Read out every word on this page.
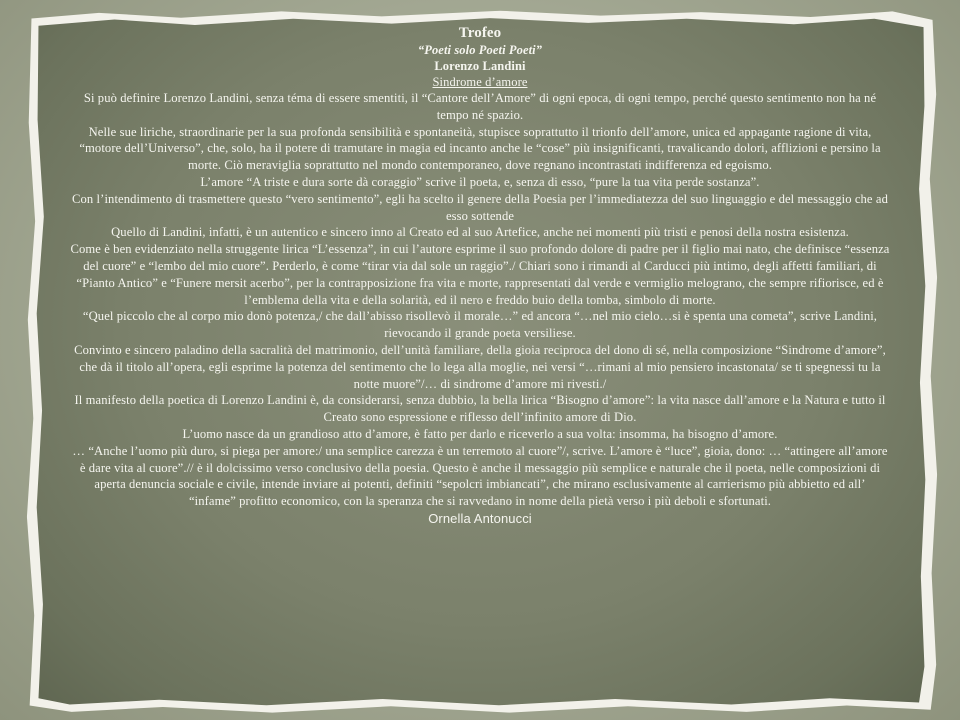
Trofeo
“Poeti solo Poeti Poeti”
Lorenzo Landini
Sindrome d’amore

Si può definire Lorenzo Landini, senza téma di essere smentiti, il “Cantore dell’Amore” di ogni epoca, di ogni tempo, perché questo sentimento non ha né tempo né spazio.

Nelle sue liriche, straordinarie per la sua profonda sensibilità e spontaneità, stupisce soprattutto il trionfo dell’amore, unica ed appagante ragione di vita, “motore dell’Universo”, che, solo, ha il potere di tramutare in magia ed incanto anche le “cose” più insignificanti, travalicando dolori, afflizioni e persino la morte. Ciò meraviglia soprattutto nel mondo contemporaneo, dove regnano incontrastati indifferenza ed egoismo.

L’amore “A triste e dura sorte dà coraggio” scrive il poeta, e, senza di esso, “pure la tua vita perde sostanza”.

Con l’intendimento di trasmettere questo “vero sentimento”, egli ha scelto il genere della Poesia per l’immediatezza del suo linguaggio e del messaggio che ad esso sottende

Quello di Landini, infatti, è un autentico e sincero inno al Creato ed al suo Artefice, anche nei momenti più tristi e penosi della nostra esistenza.

Come è ben evidenziato nella struggente lirica “L’essenza”, in cui l’autore esprime il suo profondo dolore di padre per il figlio mai nato, che definisce “essenza del cuore” e “lembo del mio cuore”. Perderlo, è come “tirar via dal sole un raggio”./ Chiari sono i rimandi al Carducci più intimo, degli affetti familiari, di “Pianto Antico” e “Funere mersit acerbo”, per la contrapposizione fra vita e morte, rappresentati dal verde e vermiglio melograno, che sempre rifiorisce, ed è l’emblema della vita e della solarità, ed il nero e freddo buio della tomba, simbolo di morte.

“Quel piccolo che al corpo mio donò potenza,/ che dall’abisso risollevò il morale…” ed ancora “…nel mio cielo…si è spenta una cometa”, scrive Landini, rievocando il grande poeta versiliese.

Convinto e sincero paladino della sacralità del matrimonio, dell’unità familiare, della gioia reciproca del dono di sé, nella composizione “Sindrome d’amore”, che dà il titolo all’opera, egli esprime la potenza del sentimento che lo lega alla moglie, nei versi “…rimani al mio pensiero incastonata/ se ti spegnessi tu la notte muore”/… di sindrome d’amore mi rivesti./

Il manifesto della poetica di Lorenzo Landini è, da considerarsi, senza dubbio, la bella lirica “Bisogno d’amore”: la vita nasce dall’amore e la Natura e tutto il Creato sono espressione e riflesso dell’infinito amore di Dio.

L’uomo nasce da un grandioso atto d’amore, è fatto per darlo e riceverlo a sua volta: insomma, ha bisogno d’amore.

… “Anche l’uomo più duro, si piega per amore:/ una semplice carezza è un terremoto al cuore”/, scrive. L’amore è “luce”, gioia, dono: … “attingere all’amore è dare vita al cuore”.// è il dolcissimo verso conclusivo della poesia. Questo è anche il messaggio più semplice e naturale che il poeta, nelle composizioni di aperta denuncia sociale e civile, intende inviare ai potenti, definiti “sepolcri imbiancati”, che mirano esclusivamente al carrierismo più abbietto ed all’ “infame” profitto economico, con la speranza che si ravvedano in nome della pietà verso i più deboli e sfortunati.

Ornella Antonucci
